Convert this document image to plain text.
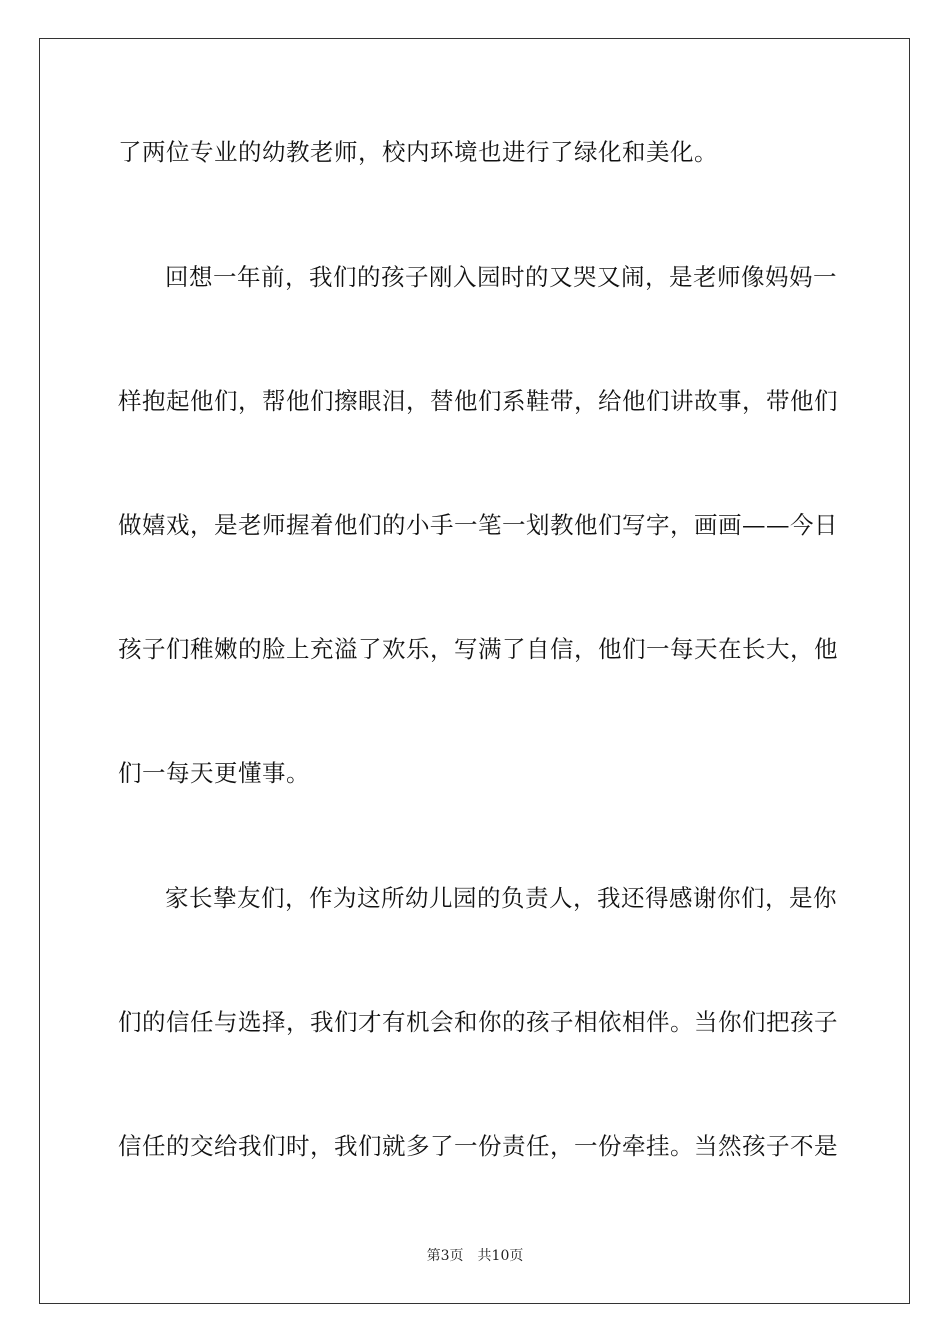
了两位专业的幼教老师，校内环境也进行了绿化和美化。
回想一年前，我们的孩子刚入园时的又哭又闹，是老师像妈妈一
样抱起他们，帮他们擦眼泪，替他们系鞋带，给他们讲故事，带他们
做嬉戏，是老师握着他们的小手一笔一划教他们写字，画画——今日
孩子们稚嫩的脸上充溢了欢乐，写满了自信，他们一每天在长大，他
们一每天更懂事。
家长挚友们，作为这所幼儿园的负责人，我还得感谢你们，是你
们的信任与选择，我们才有机会和你的孩子相依相伴。当你们把孩子
信任的交给我们时，我们就多了一份责任，一份牵挂。当然孩子不是
第3页 共10页
